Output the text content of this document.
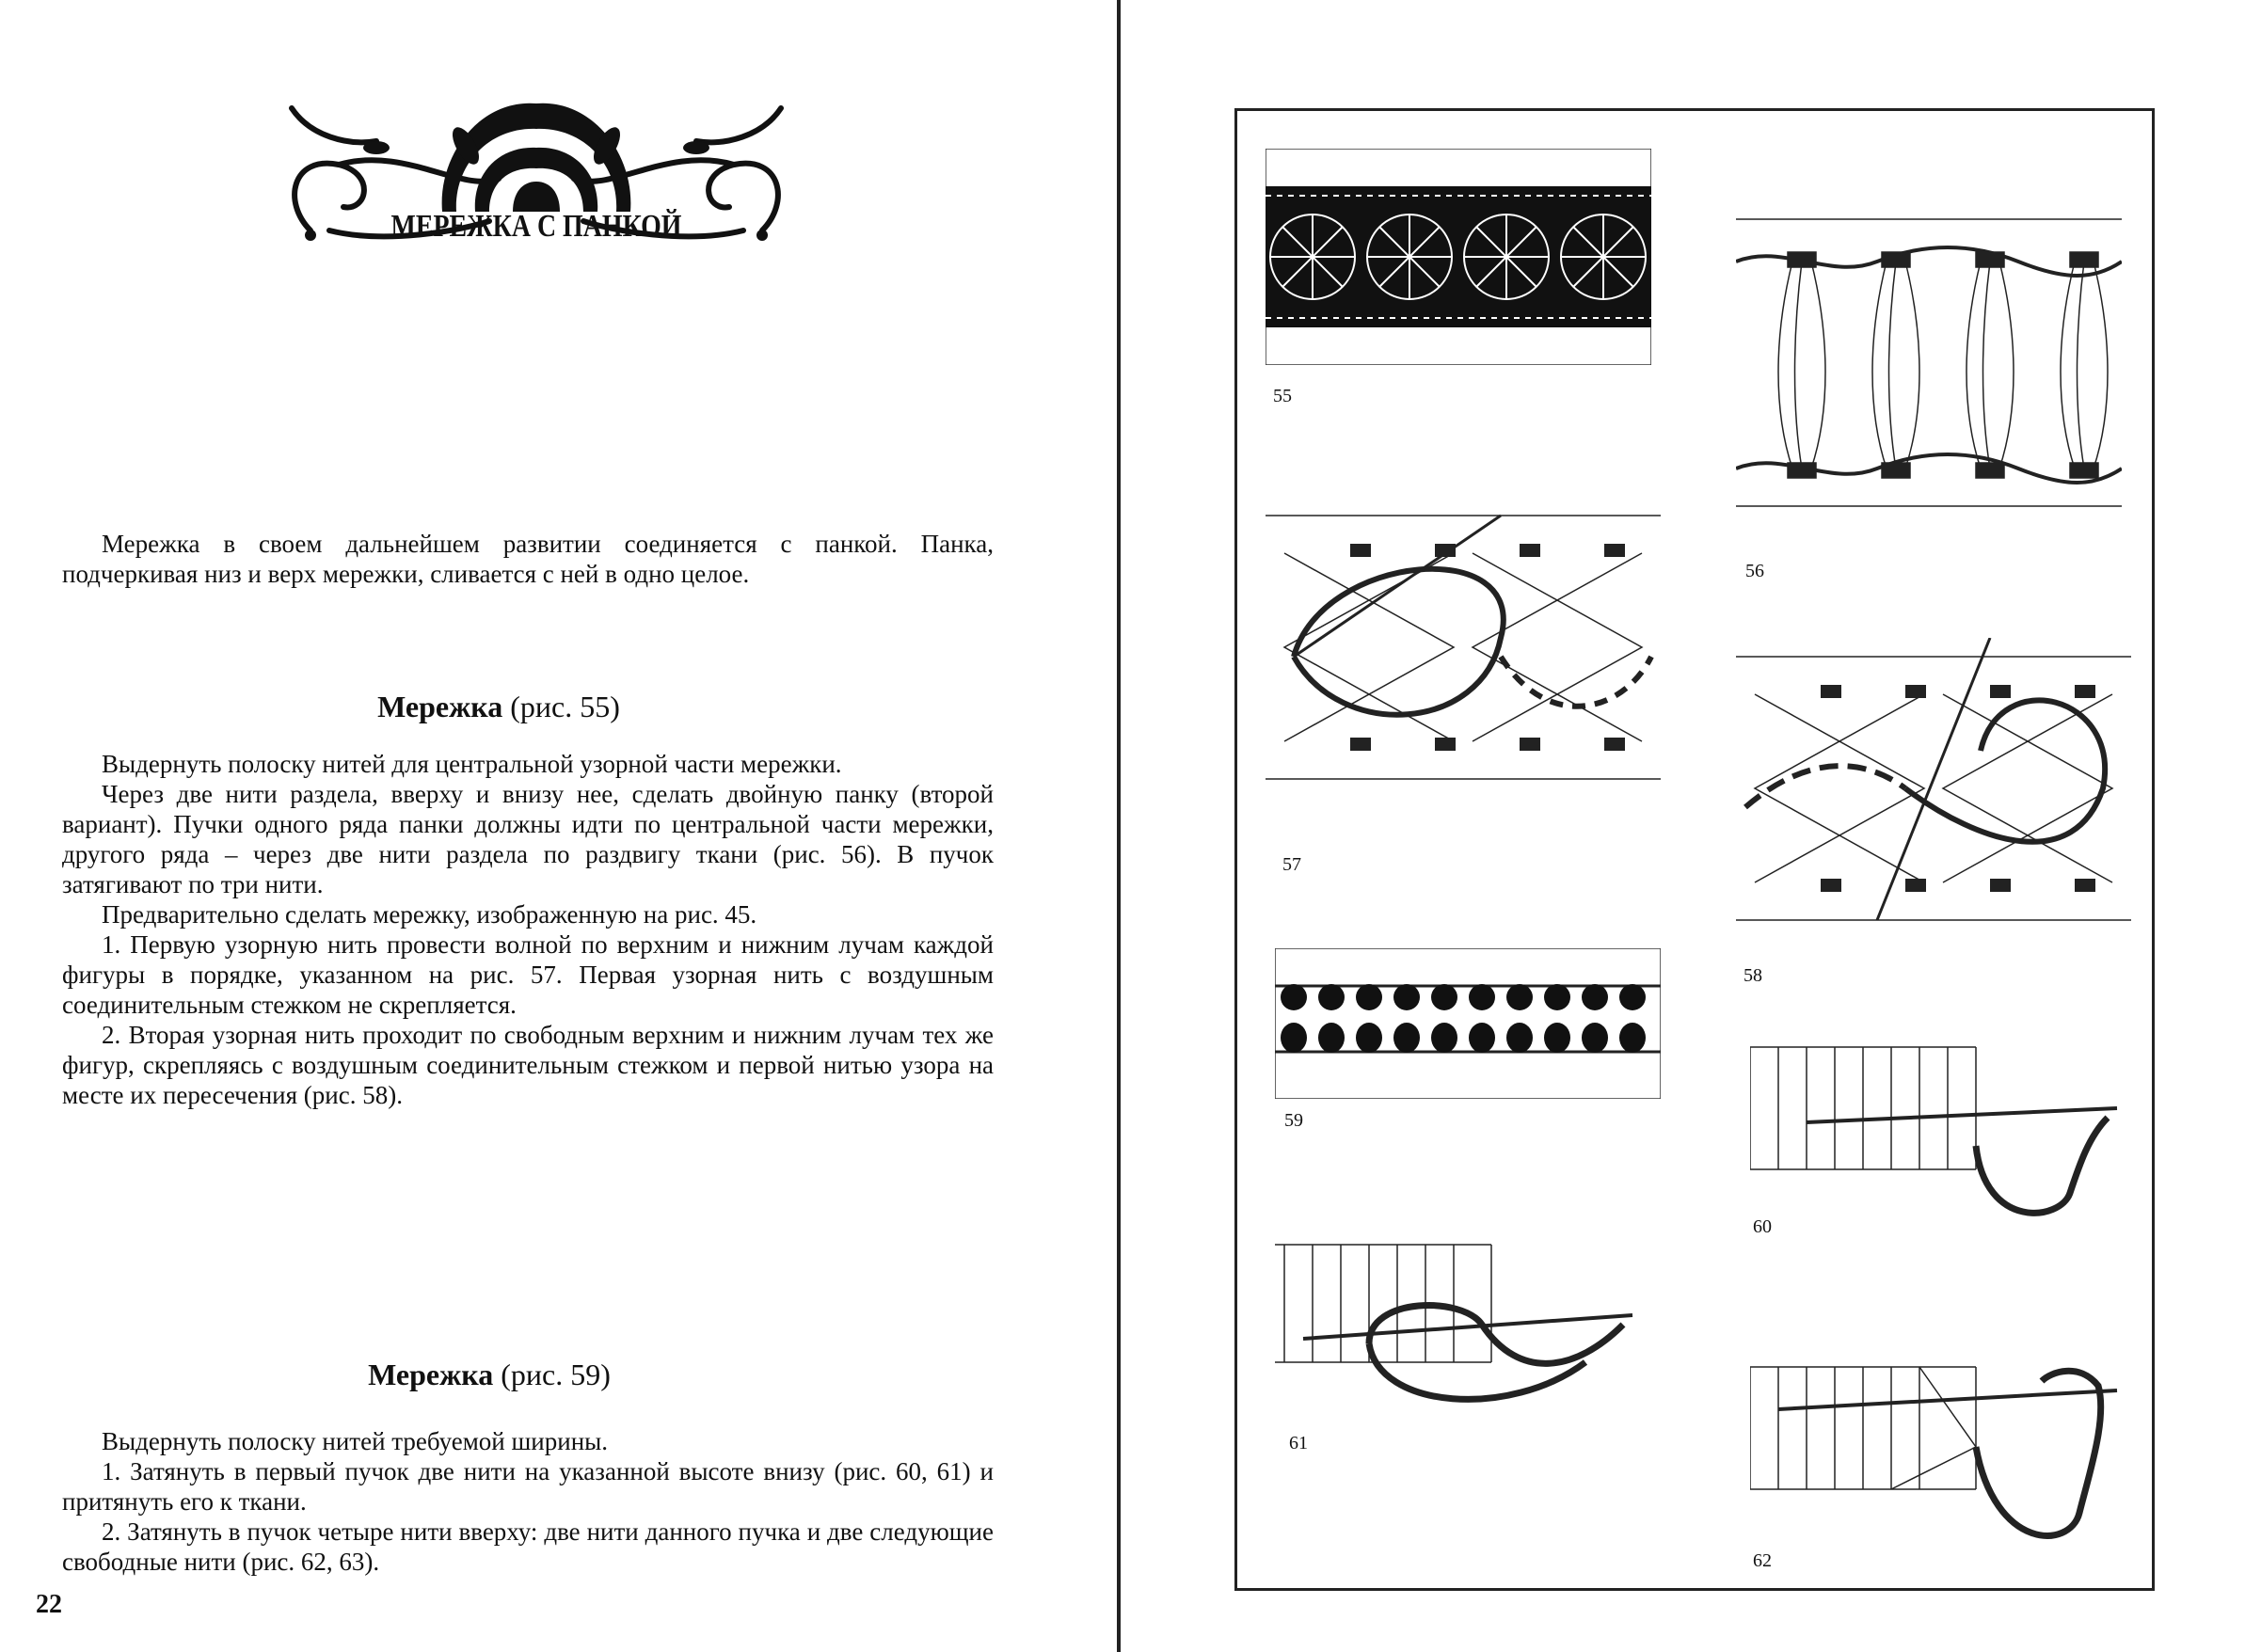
МЕРЕЖКА С ПАНКОЙ

Мережка в своем дальнейшем развитии соединяется с панкой. Панка, подчеркивая низ и верх мережки, сливается с ней в одно целое.

Мережка (рис. 55)

Выдернуть полоску нитей для центральной узорной части мережки.

Через две нити раздела, вверху и внизу нее, сделать двойную панку (второй вариант). Пучки одного ряда панки должны идти по центральной части мережки, другого ряда – через две нити раздела по раздвигу ткани (рис. 56). В пучок затягивают по три нити.

Предварительно сделать мережку, изображенную на рис. 45.

1. Первую узорную нить провести волной по верхним и нижним лучам каждой фигуры в порядке, указанном на рис. 57. Первая узорная нить с воздушным соединительным стежком не скрепляется.

2. Вторая узорная нить проходит по свободным верхним и нижним лучам тех же фигур, скрепляясь с воздушным соединительным стежком и первой нитью узора на месте их пересечения (рис. 58).

Мережка (рис. 59)

Выдернуть полоску нитей требуемой ширины.

1. Затянуть в первый пучок две нити на указанной высоте внизу (рис. 60, 61) и притянуть его к ткани.

2. Затянуть в пучок четыре нити вверху: две нити данного пучка и две следующие свободные нити (рис. 62, 63).

22
55
56
57
58
59
60
61
62
